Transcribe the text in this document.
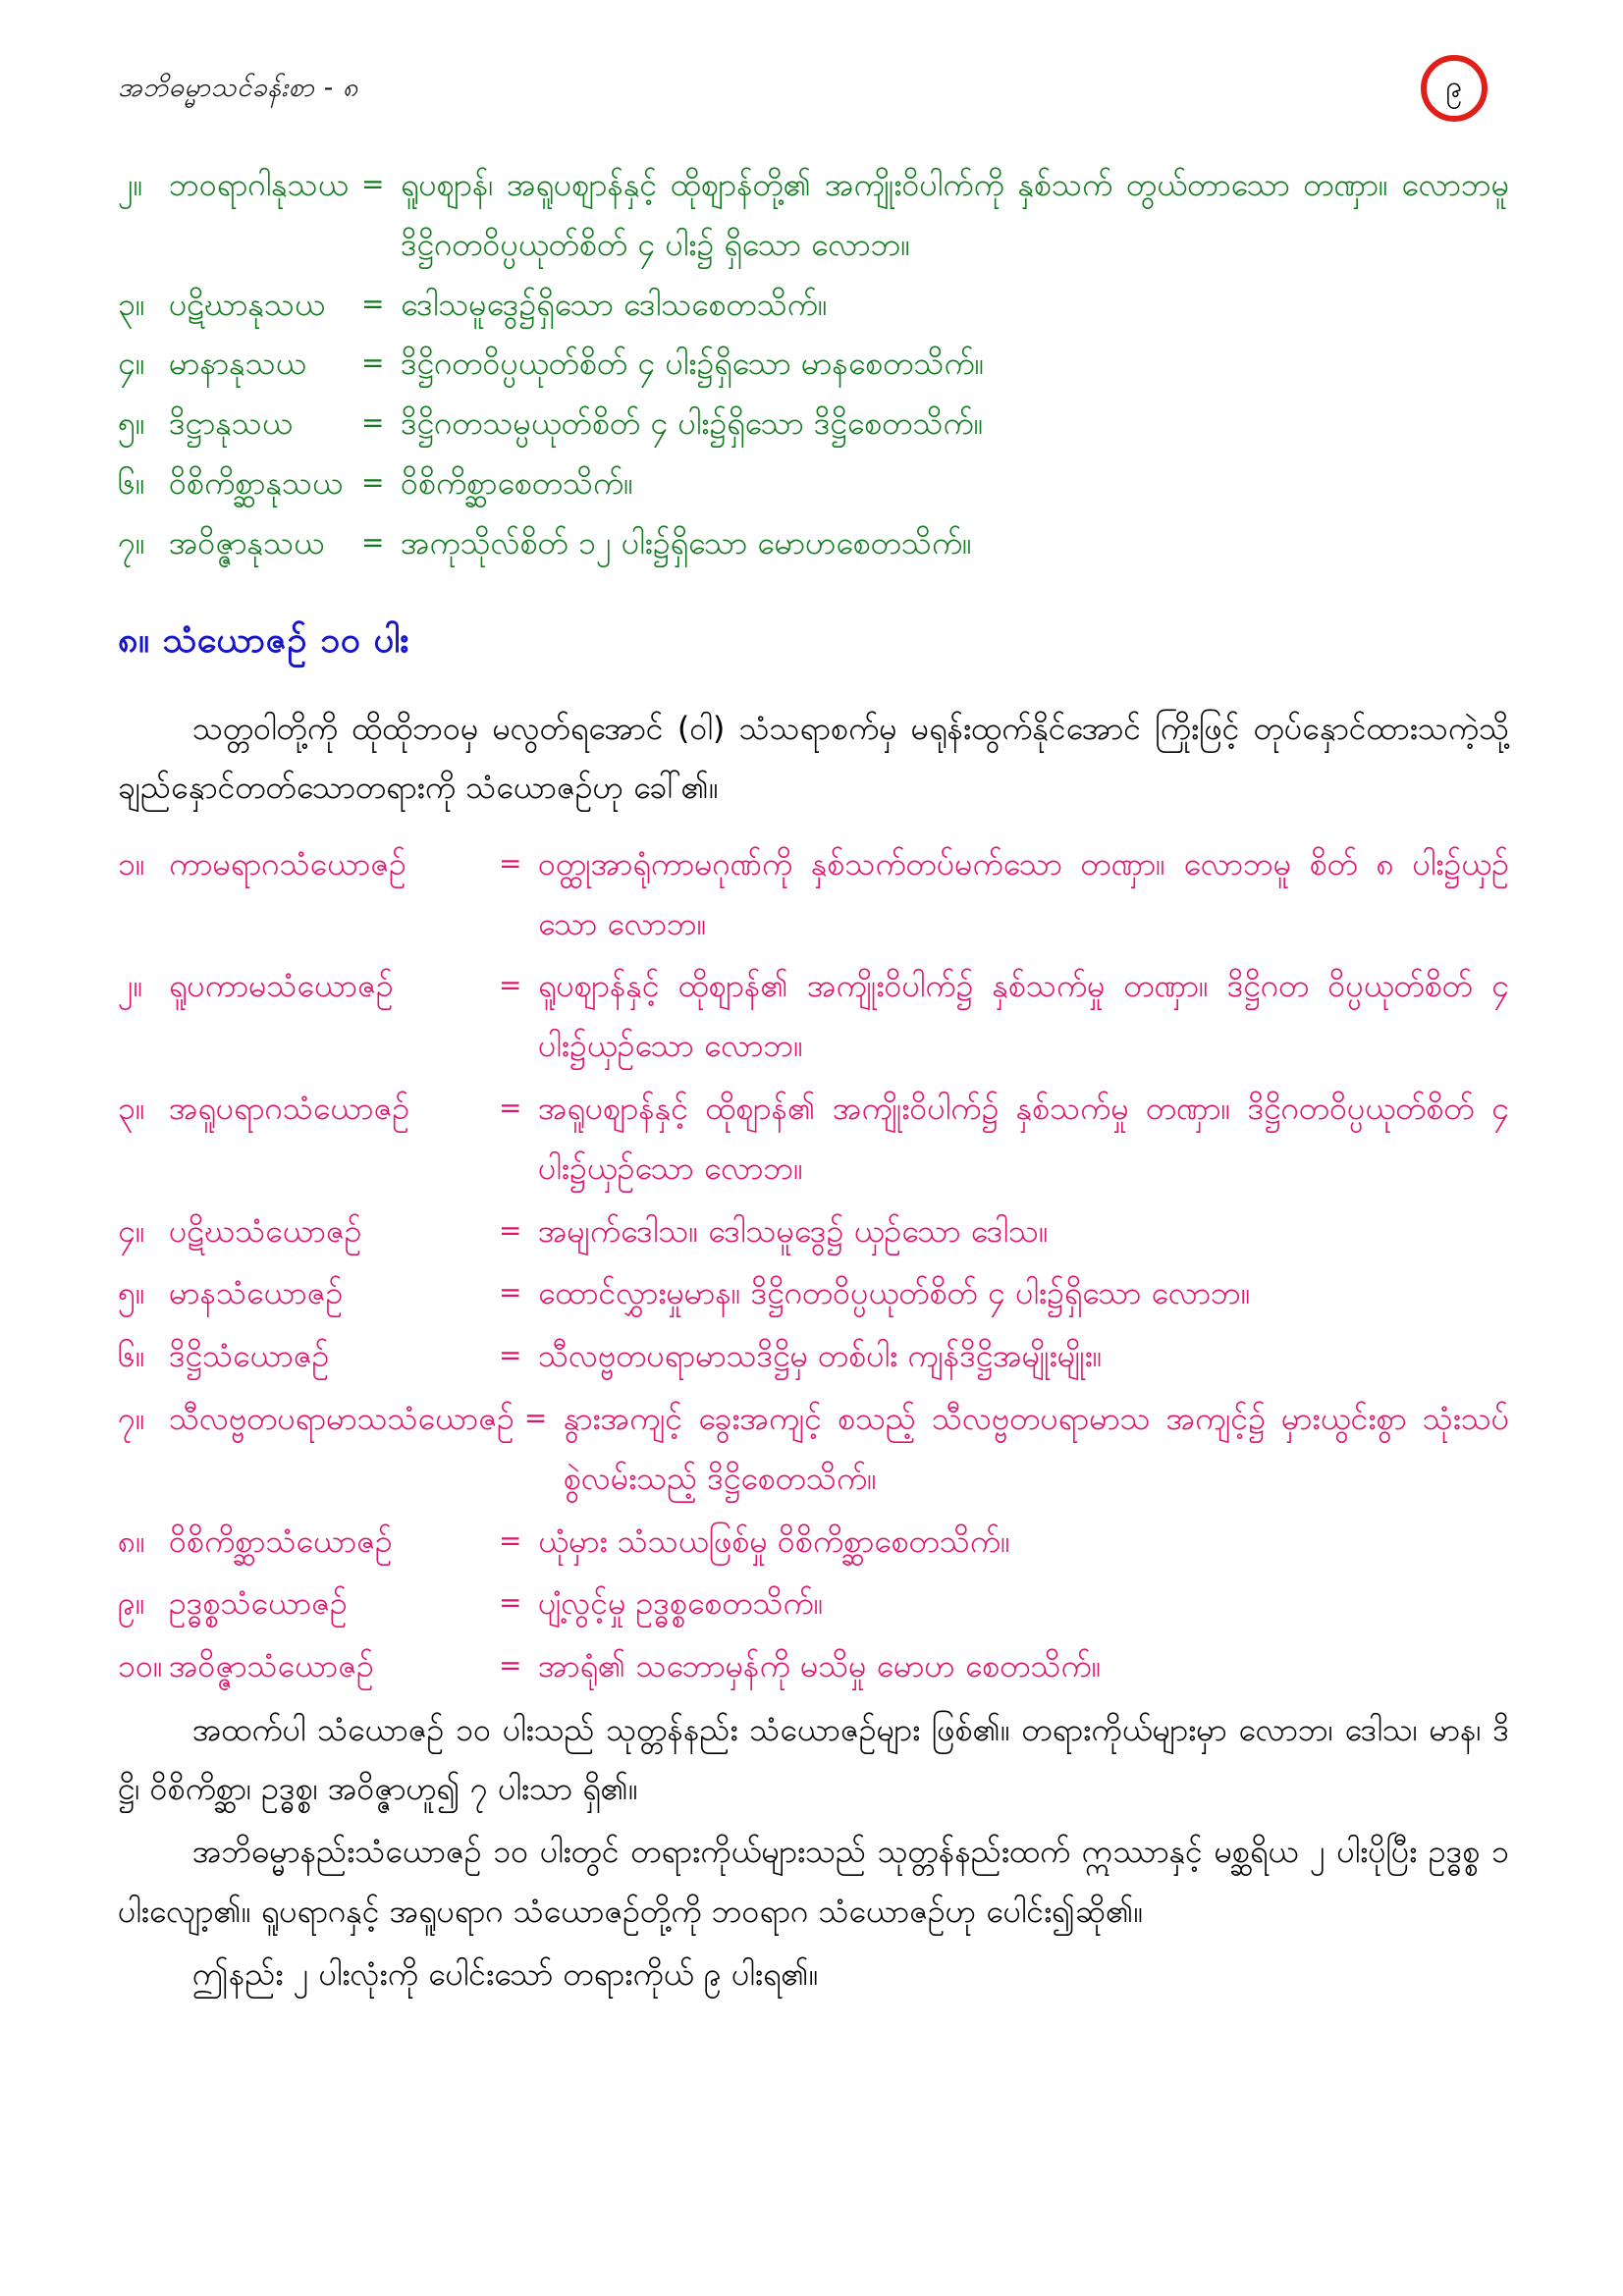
အဘိဓမ္မာသင်ခန်းစာ - ၈	၉
၂။ ဘဝရာဂါနုသယ = ရူပစျာန်၊ အရူပစျာန်နှင့် ထိုစျာန်တို့၏ အကျိုးဝိပါက်ကို နှစ်သက် တွယ်တာသော တဏှာ။ လောဘမူ ဒိဋ္ဌိဂတဝိပ္ပယုတ်စိတ် ၄ ပါး၌ ရှိသော လောဘ။
၃။ ပဋိဃာနုသယ	= ဒေါသမူဒွေ၌ရှိသော ဒေါသစေတသိက်။
၄။ မာနာနုသယ	= ဒိဋ္ဌိဂတဝိပ္ပယုတ်စိတ် ၄ ပါး၌ရှိသော မာနစေတသိက်။
၅။ ဒိဋ္ဌာနုသယ	= ဒိဋ္ဌိဂတသမ္ပယုတ်စိတ် ၄ ပါး၌ရှိသော ဒိဋ္ဌိစေတသိက်။
၆။ ဝိစိကိစ္ဆာနုသယ = ဝိစိကိစ္ဆာစေတသိက်။
၇။ အဝိဇ္ဇာနုသယ	= အကုသိုလ်စိတ် ၁၂ ပါး၌ရှိသော မောဟစေတသိက်။
၈။ သံယောဇဉ် ၁၀ ပါး

သတ္တဝါတို့ကို ထိုထိုဘဝမှ မလွတ်ရအောင် (ဝါ) သံသရာစက်မှ မရုန်းထွက်နိုင်အောင် ကြိုးဖြင့် တုပ်နှောင်ထားသကဲ့သို့ ချည်နှောင်တတ်သောတရားကို သံယောဇဉ်ဟု ခေါ်၏။

၁။ ကာမရာဂသံယောဇဉ်	= ဝတ္ထုအာရုံကာမဂုဏ်ကို နှစ်သက်တပ်မက်သော တဏှာ။ လောဘမူ စိတ် ၈ ပါး၌ယှဉ်သော လောဘ။
၂။ ရူပကာမသံယောဇဉ်	= ရူပစျာန်နှင့် ထိုစျာန်၏ အကျိုးဝိပါက်၌ နှစ်သက်မှု တဏှာ။ ဒိဋ္ဌိဂတ ဝိပ္ပယုတ်စိတ် ၄ ပါး၌ယှဉ်သော လောဘ။
၃။ အရူပရာဂသံယောဇဉ်	= အရူပစျာန်နှင့် ထိုစျာန်၏ အကျိုးဝိပါက်၌ နှစ်သက်မှု တဏှာ။ ဒိဋ္ဌိဂတဝိပ္ပယုတ်စိတ် ၄ ပါး၌ယှဉ်သော လောဘ။
၄။ ပဋိဃသံယောဇဉ်	= အမျက်ဒေါသ။ ဒေါသမူဒွေ၌ ယှဉ်သော ဒေါသ။
၅။ မာနသံယောဇဉ်	= ထောင်လွှားမှုမာန။ ဒိဋ္ဌိဂတဝိပ္ပယုတ်စိတ် ၄ ပါး၌ရှိသော လောဘ။
၆။ ဒိဋ္ဌိသံယောဇဉ်	= သီလဗ္ဗတပရာမာသဒိဋ္ဌိမှ တစ်ပါး ကျန်ဒိဋ္ဌိအမျိုးမျိုး။
၇။ သီလဗ္ဗတပရာမာသသံယောဇဉ် = နွားအကျင့် ခွေးအကျင့် စသည့် သီလဗ္ဗတပရာမာသ အကျင့်၌ မှားယွင်းစွာ သုံးသပ်စွဲလမ်းသည့် ဒိဋ္ဌိစေတသိက်။
၈။ ဝိစိကိစ္ဆာသံယောဇဉ်	= ယုံမှား သံသယဖြစ်မှု ဝိစိကိစ္ဆာစေတသိက်။
၉။ ဥဒ္ဓစ္စသံယောဇဉ်	= ပျံ့လွင့်မှု ဥဒ္ဓစ္စစေတသိက်။
၁၀။ အဝိဇ္ဇာသံယောဇဉ်	= အာရုံ၏ သဘောမှန်ကို မသိမှု မောဟ စေတသိက်။

အထက်ပါ သံယောဇဉ် ၁၀ ပါးသည် သုတ္တန်နည်း သံယောဇဉ်များ ဖြစ်၏။ တရားကိုယ်များမှာ လောဘ၊ ဒေါသ၊ မာန၊ ဒိဋ္ဌိ၊ ဝိစိကိစ္ဆာ၊ ဥဒ္ဓစ္စ၊ အဝိဇ္ဇာဟူ၍ ၇ ပါးသာ ရှိ၏။

အဘိဓမ္မာနည်းသံယောဇဉ် ၁၀ ပါးတွင် တရားကိုယ်များသည် သုတ္တန်နည်းထက် ဣဿာနှင့် မစ္ဆရိယ ၂ ပါးပိုပြီး ဥဒ္ဓစ္စ ၁ ပါးလျော့၏။ ရူပရာဂနှင့် အရူပရာဂ သံယောဇဉ်တို့ကို ဘဝရာဂ သံယောဇဉ်ဟု ပေါင်း၍ဆို၏။

ဤနည်း ၂ ပါးလုံးကို ပေါင်းသော် တရားကိုယ် ၉ ပါးရ၏။
